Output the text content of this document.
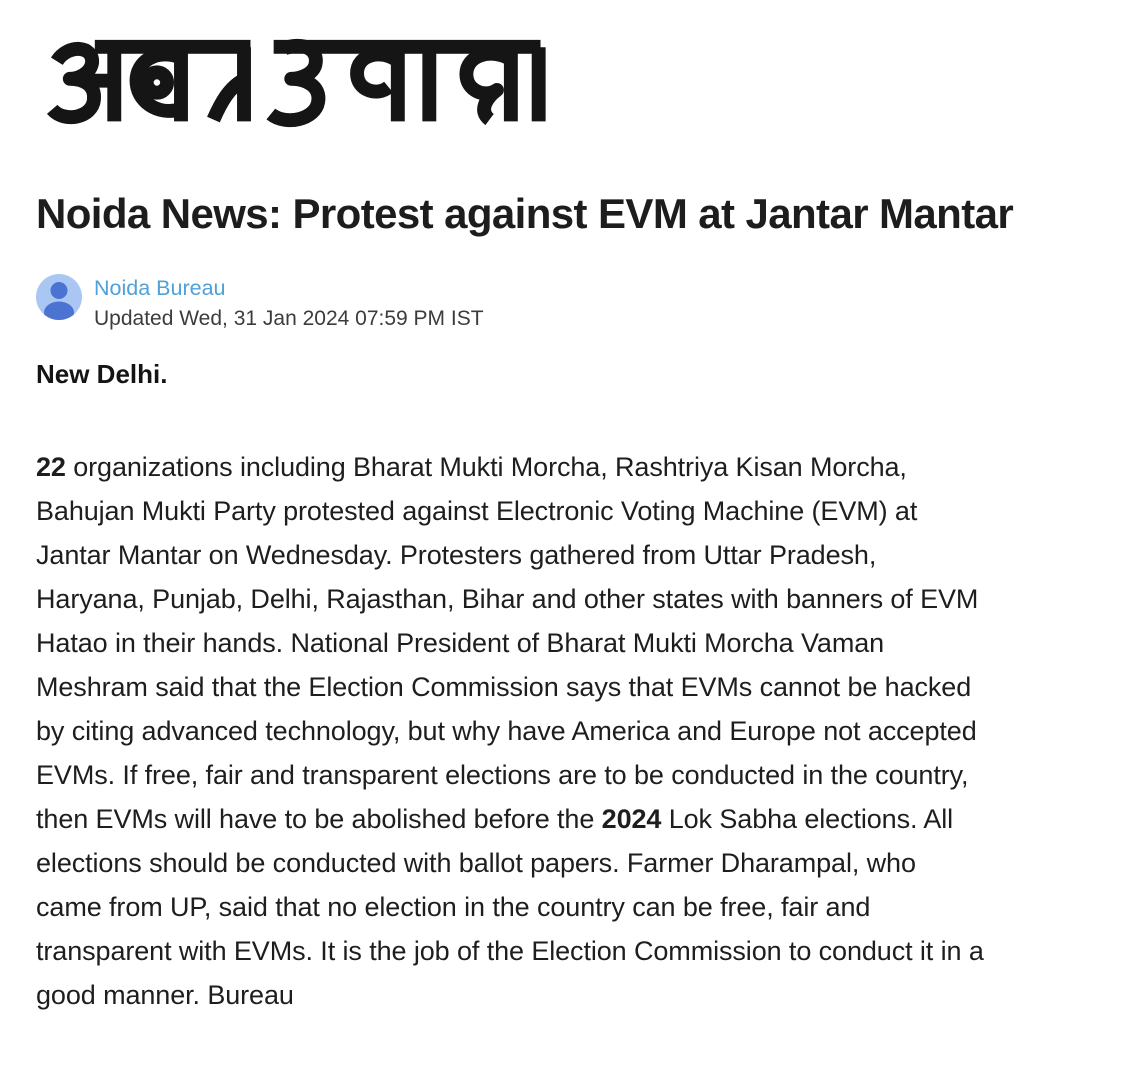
Noida News: Protest against EVM at Jantar Mantar
Noida Bureau
Updated Wed, 31 Jan 2024 07:59 PM IST
New Delhi.
22 organizations including Bharat Mukti Morcha, Rashtriya Kisan Morcha,
Bahujan Mukti Party protested against Electronic Voting Machine (EVM) at
Jantar Mantar on Wednesday. Protesters gathered from Uttar Pradesh,
Haryana, Punjab, Delhi, Rajasthan, Bihar and other states with banners of EVM
Hatao in their hands. National President of Bharat Mukti Morcha Vaman
Meshram said that the Election Commission says that EVMs cannot be hacked
by citing advanced technology, but why have America and Europe not accepted
EVMs. If free, fair and transparent elections are to be conducted in the country,
then EVMs will have to be abolished before the 2024 Lok Sabha elections. All
elections should be conducted with ballot papers. Farmer Dharampal, who
came from UP, said that no election in the country can be free, fair and
transparent with EVMs. It is the job of the Election Commission to conduct it in a
good manner. Bureau
